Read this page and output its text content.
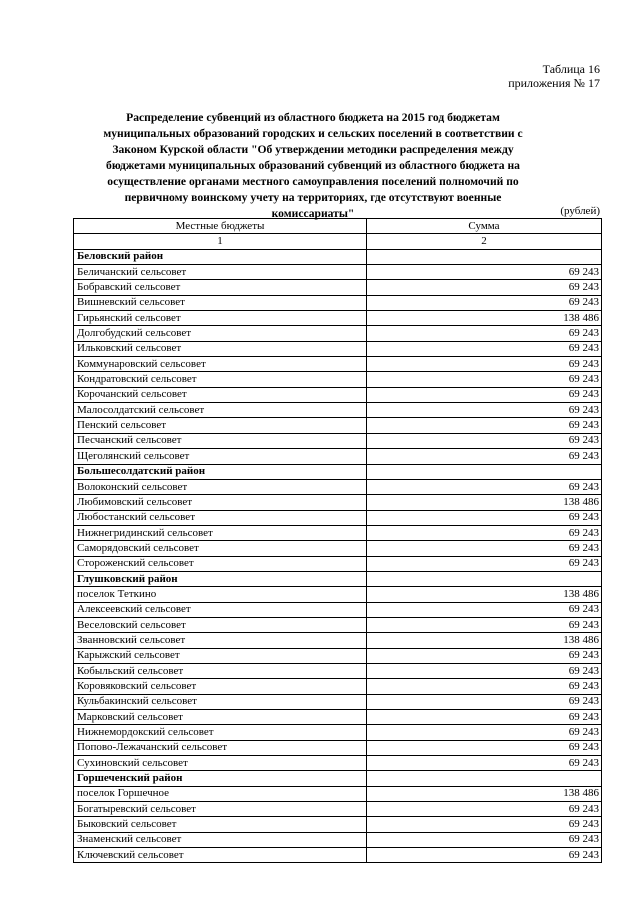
Таблица 16
приложения № 17
Распределение субвенций из областного бюджета на 2015 год бюджетам муниципальных образований городских и сельских поселений в соответствии с Законом Курской области "Об утверждении методики распределения между бюджетами муниципальных образований субвенций из областного бюджета на осуществление органами местного самоуправления поселений полномочий по первичному воинскому учету на территориях, где отсутствуют военные комиссариаты"	(рублей)
Местные бюджеты	Сумма
1	2
Беловский район	
Беличанский сельсовет	69 243
Бобравский сельсовет	69 243
Вишневский сельсовет	69 243
Гирьянский сельсовет	138 486
Долгобудский сельсовет	69 243
Ильковский сельсовет	69 243
Коммунаровский сельсовет	69 243
Кондратовский сельсовет	69 243
Корочанский сельсовет	69 243
Малосолдатский сельсовет	69 243
Пенский сельсовет	69 243
Песчанский сельсовет	69 243
Щеголянский сельсовет	69 243
Большесолдатский район	
Волоконский сельсовет	69 243
Любимовский сельсовет	138 486
Любостанский сельсовет	69 243
Нижнегридинский сельсовет	69 243
Саморядовский сельсовет	69 243
Стороженский сельсовет	69 243
Глушковский район	
поселок Теткино	138 486
Алексеевский сельсовет	69 243
Веселовский сельсовет	69 243
Званновский сельсовет	138 486
Карыжский сельсовет	69 243
Кобыльский сельсовет	69 243
Коровяковский сельсовет	69 243
Кульбакинский сельсовет	69 243
Марковский сельсовет	69 243
Нижнемордокский сельсовет	69 243
Попово-Лежачанский сельсовет	69 243
Сухиновский сельсовет	69 243
Горшеченский район	
поселок Горшечное	138 486
Богатыревский сельсовет	69 243
Быковский сельсовет	69 243
Знаменский сельсовет	69 243
Ключевский сельсовет	69 243
